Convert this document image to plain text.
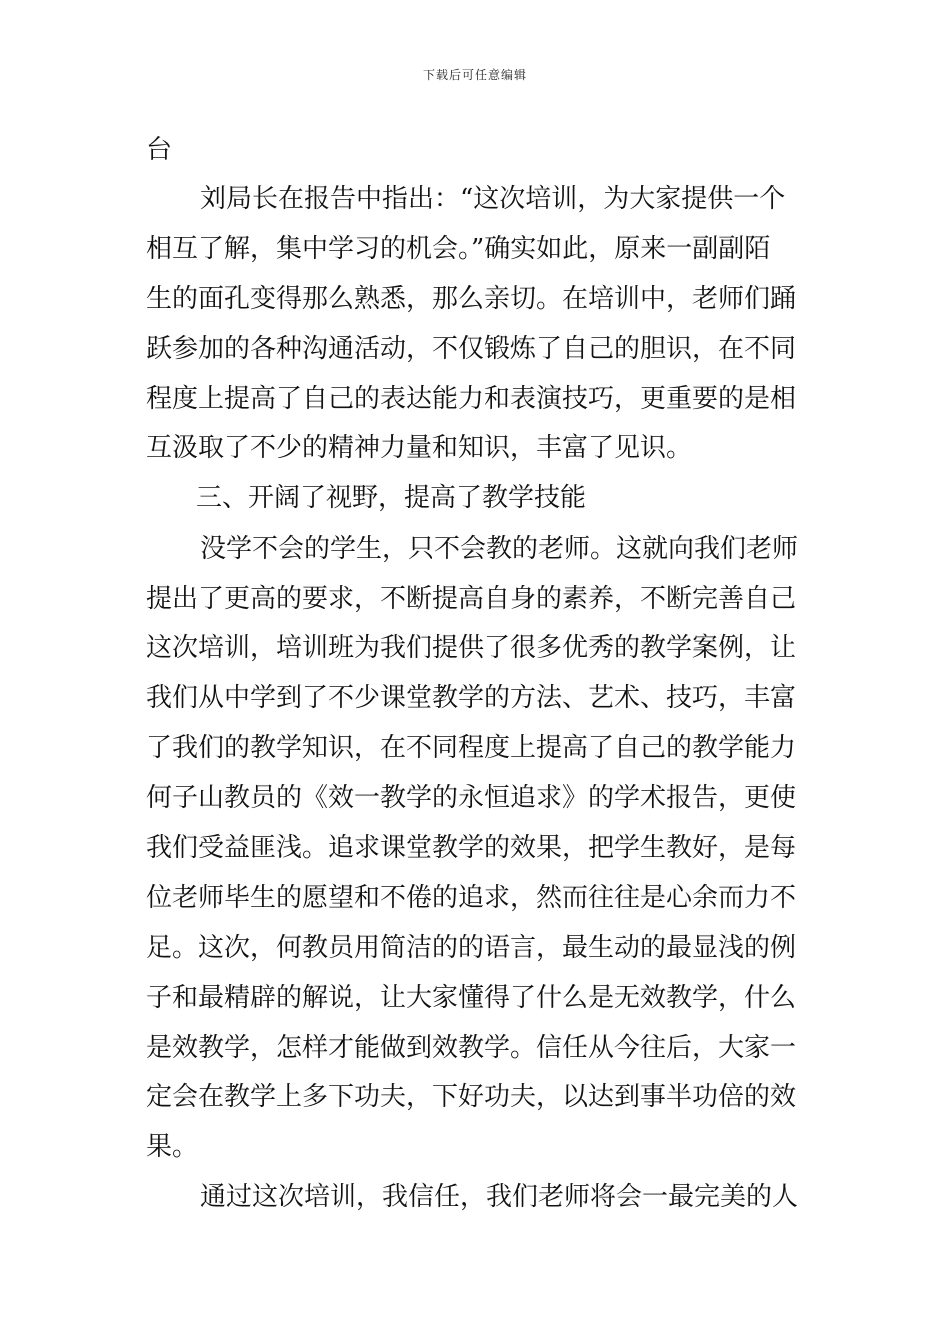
下载后可任意编辑
台
刘局长在报告中指出：“这次培训，为大家提供一个
相互了解，集中学习的机会。”确实如此，原来一副副陌
生的面孔变得那么熟悉，那么亲切。在培训中，老师们踊
跃参加的各种沟通活动，不仅锻炼了自己的胆识，在不同
程度上提高了自己的表达能力和表演技巧，更重要的是相
互汲取了不少的精神力量和知识，丰富了见识。
三、开阔了视野，提高了教学技能
没学不会的学生，只不会教的老师。这就向我们老师
提出了更高的要求，不断提高自身的素养，不断完善自己
这次培训，培训班为我们提供了很多优秀的教学案例，让
我们从中学到了不少课堂教学的方法、艺术、技巧，丰富
了我们的教学知识，在不同程度上提高了自己的教学能力
何子山教员的《效一教学的永恒追求》的学术报告，更使
我们受益匪浅。追求课堂教学的效果，把学生教好，是每
位老师毕生的愿望和不倦的追求，然而往往是心余而力不
足。这次，何教员用简洁的的语言，最生动的最显浅的例
子和最精辟的解说，让大家懂得了什么是无效教学，什么
是效教学，怎样才能做到效教学。信任从今往后，大家一
定会在教学上多下功夫，下好功夫，以达到事半功倍的效
果。
通过这次培训，我信任，我们老师将会一最完美的人
